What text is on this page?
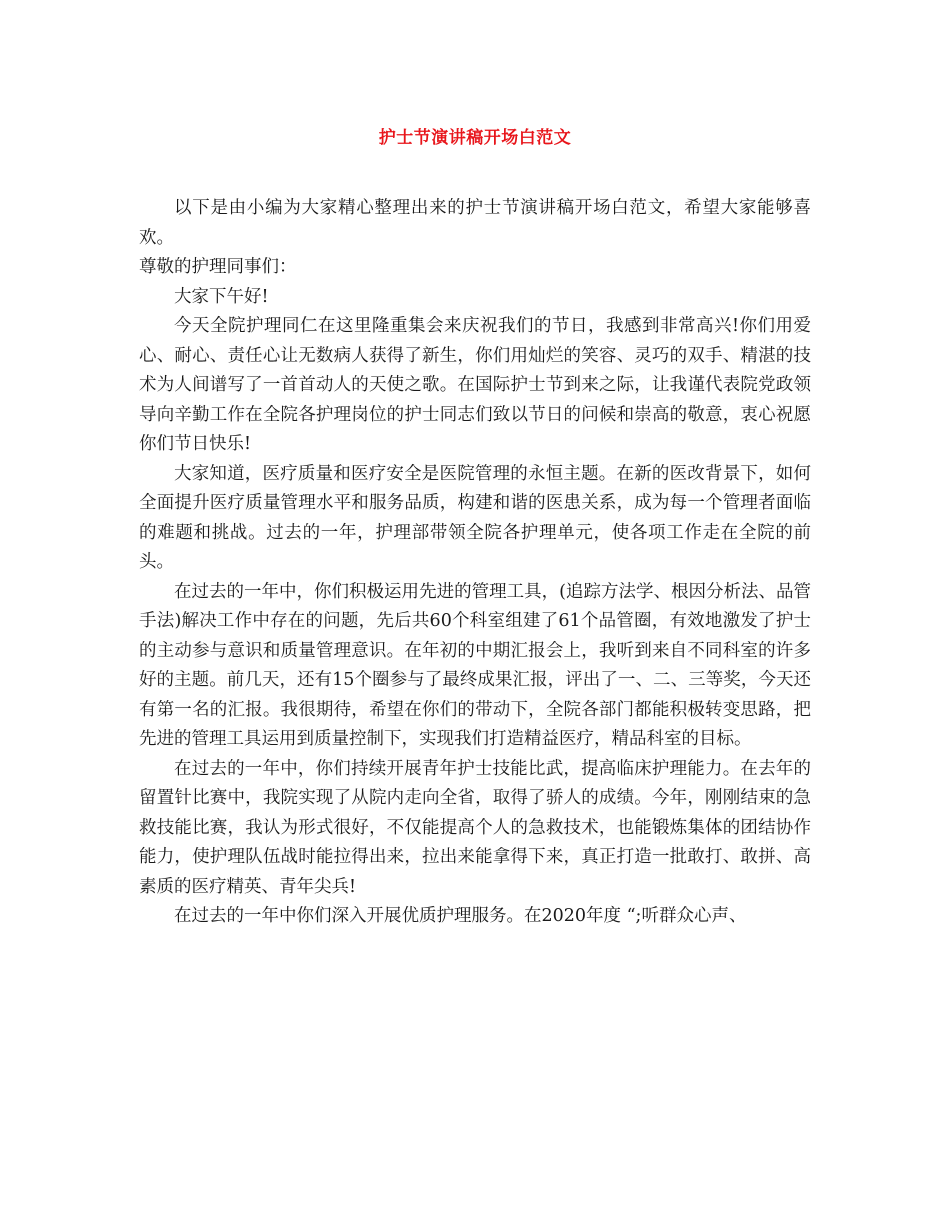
护士节演讲稿开场白范文

以下是由小编为大家精心整理出来的护士节演讲稿开场白范文，希望大家能够喜欢。

尊敬的护理同事们：

大家下午好!

今天全院护理同仁在这里隆重集会来庆祝我们的节日，我感到非常高兴!你们用爱心、耐心、责任心让无数病人获得了新生，你们用灿烂的笑容、灵巧的双手、精湛的技术为人间谱写了一首首动人的天使之歌。在国际护士节到来之际，让我谨代表院党政领导向辛勤工作在全院各护理岗位的护士同志们致以节日的问候和崇高的敬意，衷心祝愿你们节日快乐!

大家知道，医疗质量和医疗安全是医院管理的永恒主题。在新的医改背景下，如何全面提升医疗质量管理水平和服务品质，构建和谐的医患关系，成为每一个管理者面临的难题和挑战。过去的一年，护理部带领全院各护理单元，使各项工作走在全院的前头。

在过去的一年中，你们积极运用先进的管理工具，(追踪方法学、根因分析法、品管手法)解决工作中存在的问题，先后共60个科室组建了61个品管圈，有效地激发了护士的主动参与意识和质量管理意识。在年初的中期汇报会上，我听到来自不同科室的许多好的主题。前几天，还有15个圈参与了最终成果汇报，评出了一、二、三等奖，今天还有第一名的汇报。我很期待，希望在你们的带动下，全院各部门都能积极转变思路，把先进的管理工具运用到质量控制下，实现我们打造精益医疗，精品科室的目标。

在过去的一年中，你们持续开展青年护士技能比武，提高临床护理能力。在去年的留置针比赛中，我院实现了从院内走向全省，取得了骄人的成绩。今年，刚刚结束的急救技能比赛，我认为形式很好，不仅能提高个人的急救技术，也能锻炼集体的团结协作能力，使护理队伍战时能拉得出来，拉出来能拿得下来，真正打造一批敢打、敢拼、高素质的医疗精英、青年尖兵!

在过去的一年中你们深入开展优质护理服务。在2020年度 “;听群众心声、
